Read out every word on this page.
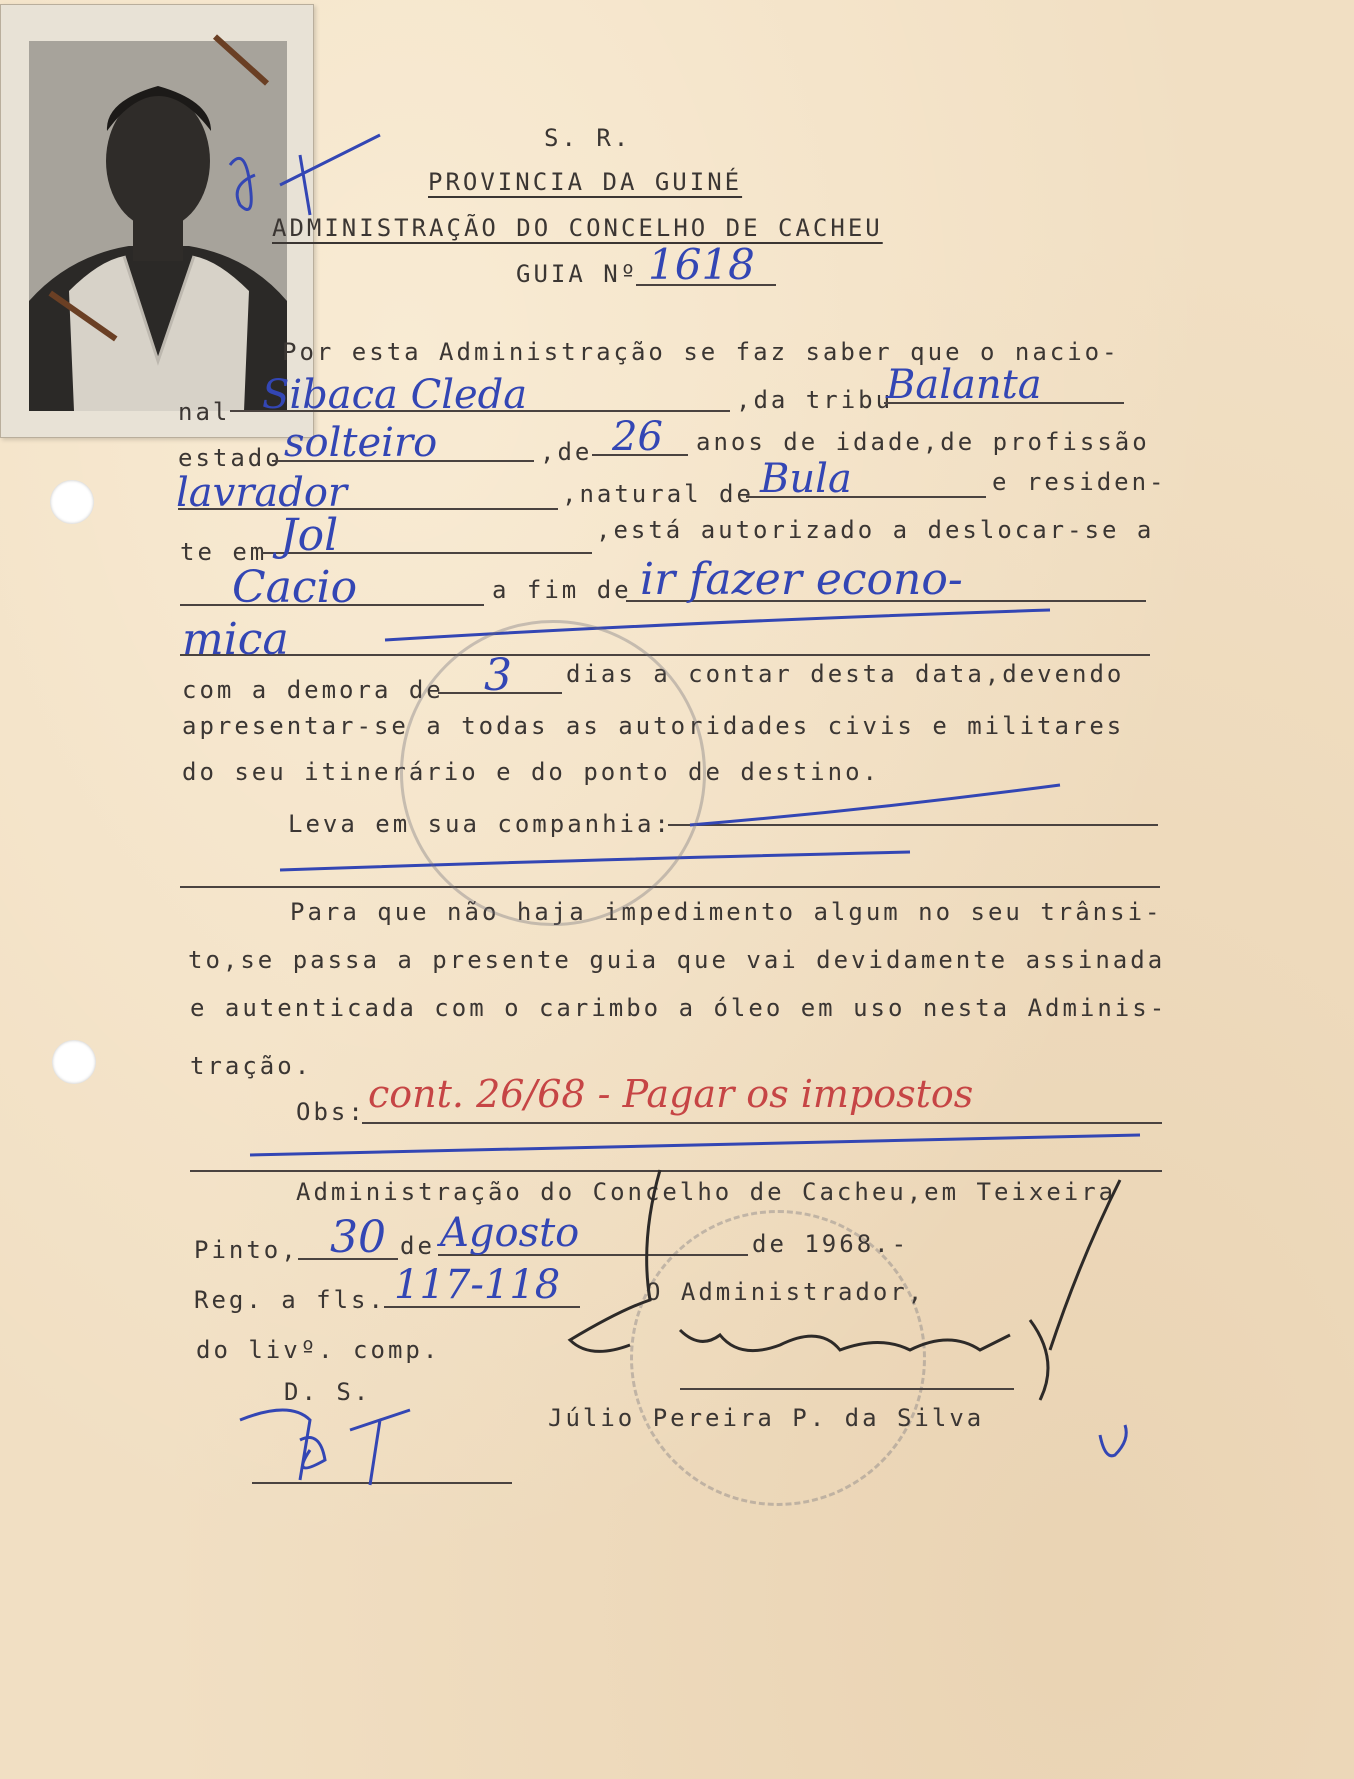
S. R.
PROVINCIA DA GUINÉ
ADMINISTRAÇÃO DO CONCELHO DE CACHEU
GUIA Nº 1618
Por esta Administração se faz saber que o nacio-
nal Sibaca Cleda	,da tribu
Balanta
estado solteiro	,de 26 anos de idade,de profissão
lavrador	,natural de Bula	e residen-
te em Jol	,está autorizado a deslocar-se a
Cacio	a fim de ir fazer econo-
mica
com a demora de 3 dias a contar desta data,devendo
apresentar-se a todas as autoridades civis e militares
do seu itinerário e do ponto de destino.
Leva em sua companhia:
Para que não haja impedimento algum no seu trânsi-
to,se passa a presente guia que vai devidamente assinada
e autenticada com o carimbo a óleo em uso nesta Adminis-
tração.
Obs: cont. 26/68 - Pagar os impostos
Administração do Concelho de Cacheu,em Teixeira
Pinto, 30 de Agosto	de 1968.-
Reg. a fls. 117-118	O Administrador,
do livº. comp.
D. S.
Júlio Pereira P. da Silva
